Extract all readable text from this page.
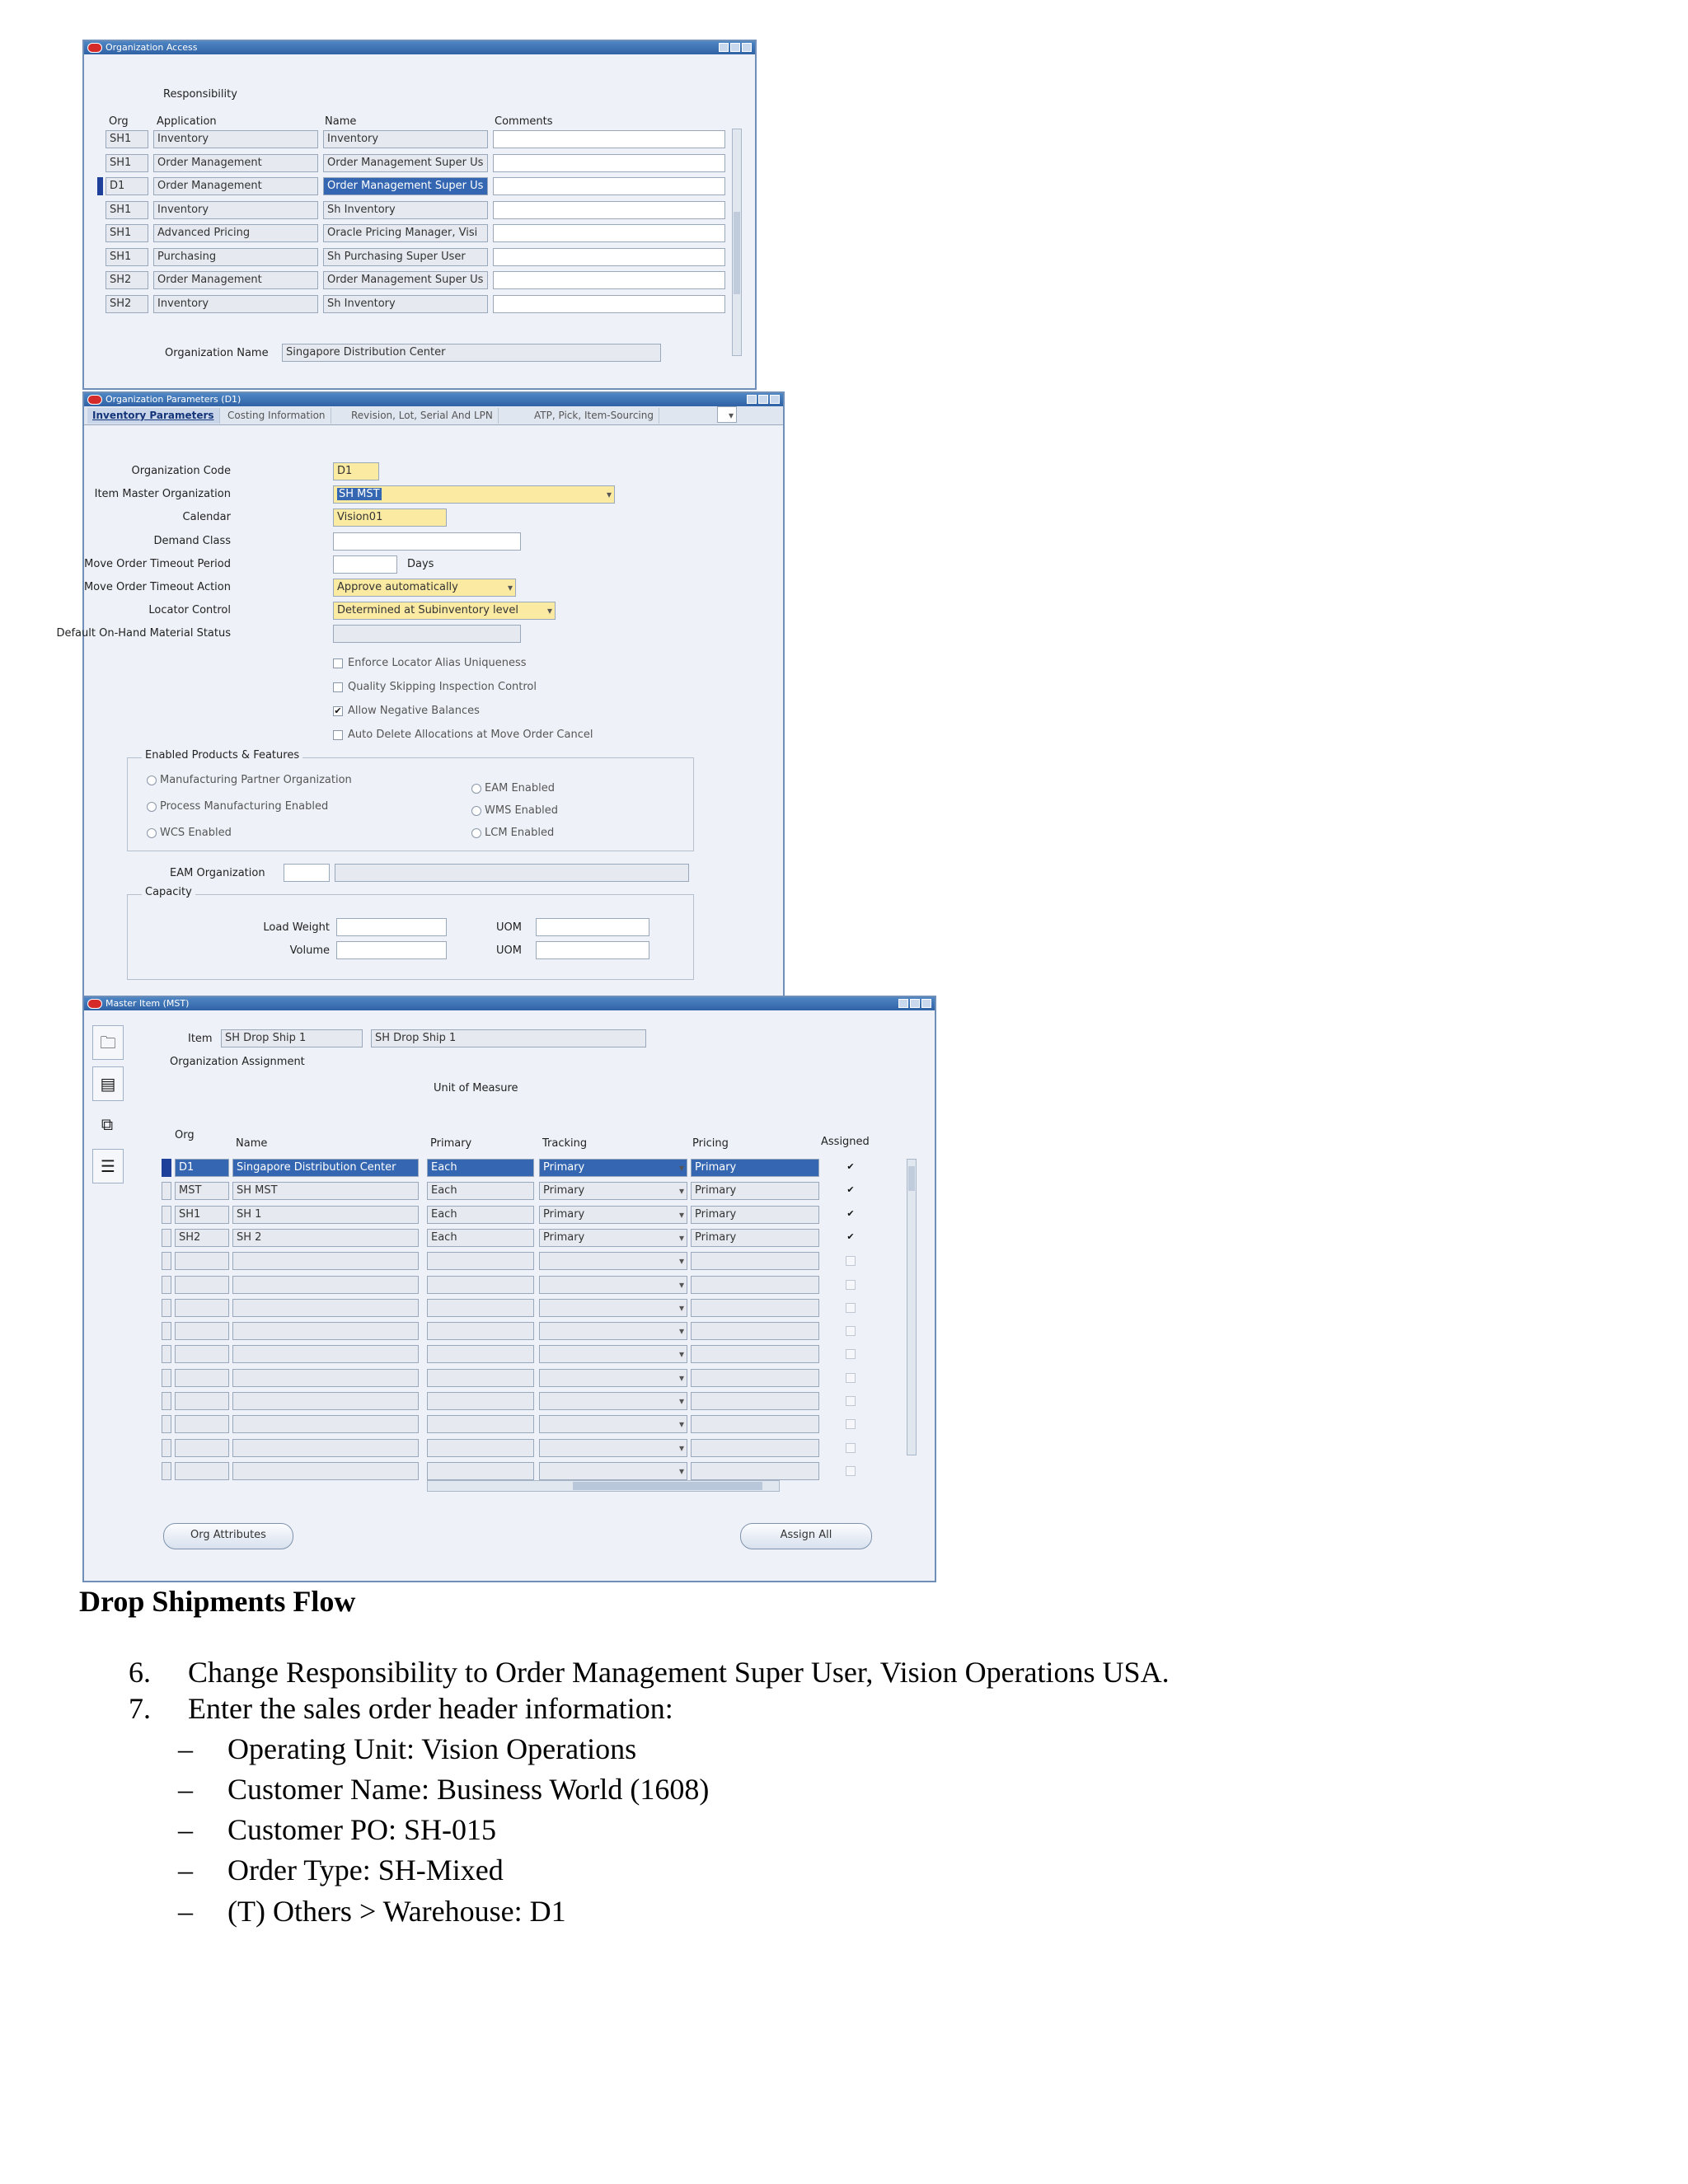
Organization Access
Responsibility
Org	Application	Name	Comments
SH1	Inventory	Inventory
SH1	Order Management	Order Management Super Us
D1	Order Management	Order Management Super Us
SH1	Inventory	Sh Inventory
SH1	Advanced Pricing	Oracle Pricing Manager, Visi
SH1	Purchasing	Sh Purchasing Super User
SH2	Order Management	Order Management Super Us
SH2	Inventory	Sh Inventory
Organization Name	Singapore Distribution Center
Organization Parameters (D1)
Inventory Parameters	Costing Information	Revision, Lot, Serial And LPN	ATP, Pick, Item-Sourcing
▾
Organization Code	D1
Item Master Organization	SH MST ▾
Calendar	Vision01
Demand Class
Move Order Timeout Period	Days
Move Order Timeout Action	Approve automatically ▾
Locator Control	Determined at Subinventory level ▾
Default On-Hand Material Status
Enforce Locator Alias Uniqueness
Quality Skipping Inspection Control
✔ Allow Negative Balances
Auto Delete Allocations at Move Order Cancel
Enabled Products & Features
Manufacturing Partner Organization
Process Manufacturing Enabled
WCS Enabled
EAM Enabled
WMS Enabled
LCM Enabled
EAM Organization
Capacity
Load Weight	UOM
Volume	UOM
Master Item (MST)
🗀
▤
⧉
☰
Item	SH Drop Ship 1	SH Drop Ship 1
Organization Assignment
Unit of Measure
Org
Name	Primary	Tracking	Pricing	Assigned
D1	Singapore Distribution Center	Each	Primary ▾	Primary	✔
MST	SH MST	Each	Primary ▾	Primary	✔
SH1	SH 1	Each	Primary ▾	Primary	✔
SH2	SH 2	Each	Primary ▾	Primary	✔
▾
▾
▾
▾
▾
▾
▾
▾
▾
▾
Org Attributes	Assign All
Drop Shipments Flow
6. Change Responsibility to Order Management Super User, Vision Operations USA.
7. Enter the sales order header information:
– Operating Unit: Vision Operations
– Customer Name: Business World (1608)
– Customer PO: SH-015
– Order Type: SH-Mixed
– (T) Others > Warehouse: D1
